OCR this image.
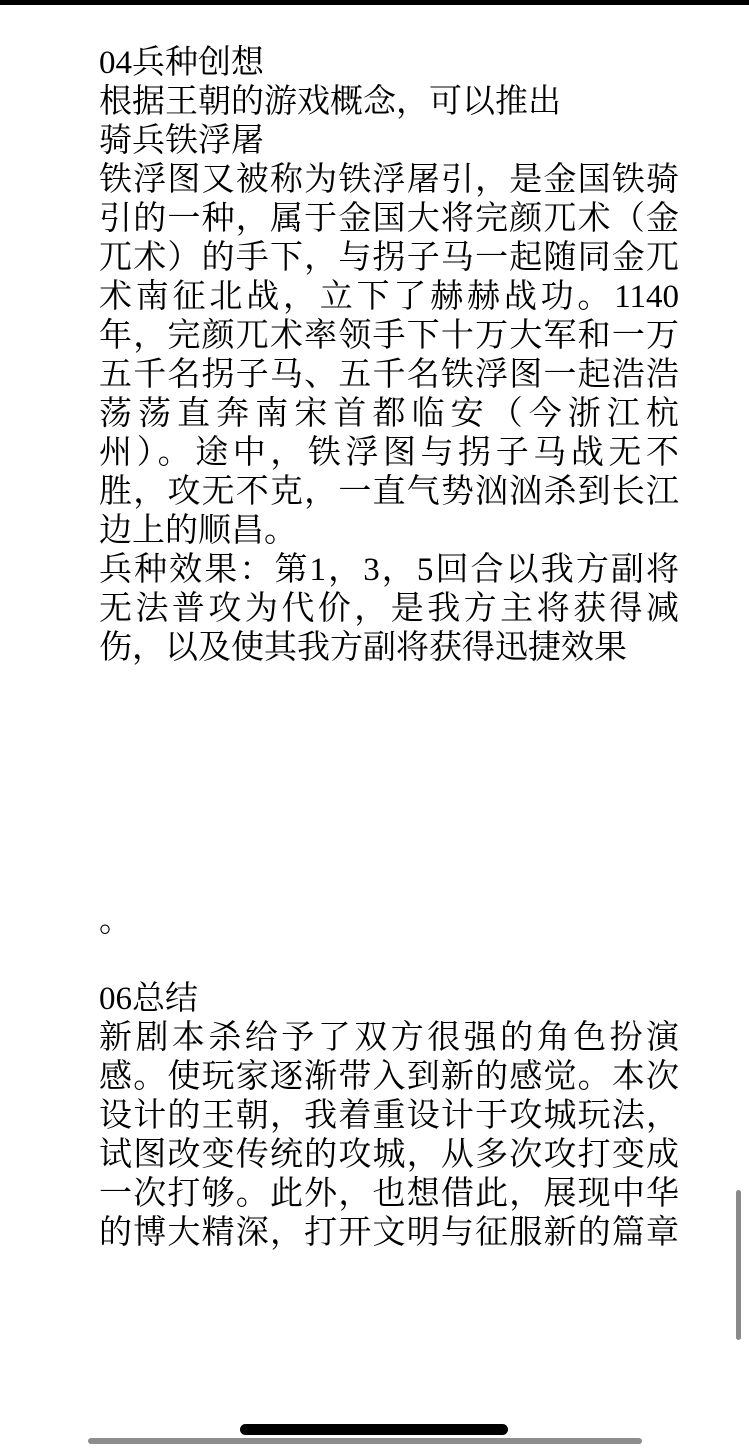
04兵种创想
根据王朝的游戏概念，可以推出
骑兵铁浮屠
铁浮图又被称为铁浮屠引，是金国铁骑
引的一种，属于金国大将完颜兀术（金
兀术）的手下，与拐子马一起随同金兀
术南征北战，立下了赫赫战功。1140
年，完颜兀术率领手下十万大军和一万
五千名拐子马、五千名铁浮图一起浩浩
荡荡直奔南宋首都临安（今浙江杭
州）。途中，铁浮图与拐子马战无不
胜，攻无不克，一直气势汹汹杀到长江
边上的顺昌。
兵种效果：第1，3，5回合以我方副将
无法普攻为代价，是我方主将获得减
伤，以及使其我方副将获得迅捷效果
。
06总结
新剧本杀给予了双方很强的角色扮演
感。使玩家逐渐带入到新的感觉。本次
设计的王朝，我着重设计于攻城玩法，
试图改变传统的攻城，从多次攻打变成
一次打够。此外，也想借此，展现中华
的博大精深，打开文明与征服新的篇章
